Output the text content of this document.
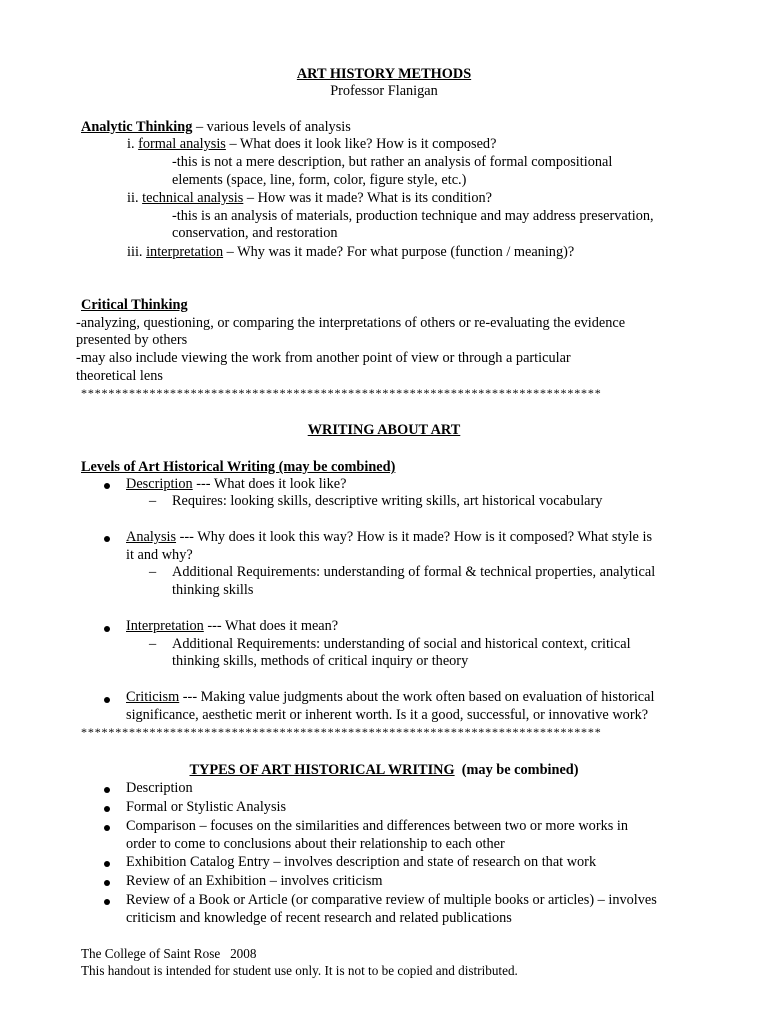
ART HISTORY METHODS
Professor Flanigan
Analytic Thinking – various levels of analysis
i. formal analysis – What does it look like? How is it composed?
-this is not a mere description, but rather an analysis of formal compositional
elements (space, line, form, color, figure style, etc.)
ii. technical analysis – How was it made? What is its condition?
-this is an analysis of materials, production technique and may address preservation,
conservation, and restoration
iii. interpretation – Why was it made? For what purpose (function / meaning)?
Critical Thinking
-analyzing, questioning, or comparing the interpretations of others or re-evaluating the evidence
presented by others
-may also include viewing the work from another point of view or through a particular
theoretical lens
****************************************************************************
WRITING ABOUT ART
Levels of Art Historical Writing (may be combined)
Description --- What does it look like?
– Requires: looking skills, descriptive writing skills, art historical vocabulary
Analysis --- Why does it look this way? How is it made? How is it composed? What style is
it and why?
– Additional Requirements: understanding of formal & technical properties, analytical
thinking skills
Interpretation --- What does it mean?
– Additional Requirements: understanding of social and historical context, critical
thinking skills, methods of critical inquiry or theory
Criticism --- Making value judgments about the work often based on evaluation of historical
significance, aesthetic merit or inherent worth. Is it a good, successful, or innovative work?
****************************************************************************
TYPES OF ART HISTORICAL WRITING (may be combined)
Description
Formal or Stylistic Analysis
Comparison – focuses on the similarities and differences between two or more works in
order to come to conclusions about their relationship to each other
Exhibition Catalog Entry – involves description and state of research on that work
Review of an Exhibition – involves criticism
Review of a Book or Article (or comparative review of multiple books or articles) – involves
criticism and knowledge of recent research and related publications
The College of Saint Rose   2008
This handout is intended for student use only. It is not to be copied and distributed.
